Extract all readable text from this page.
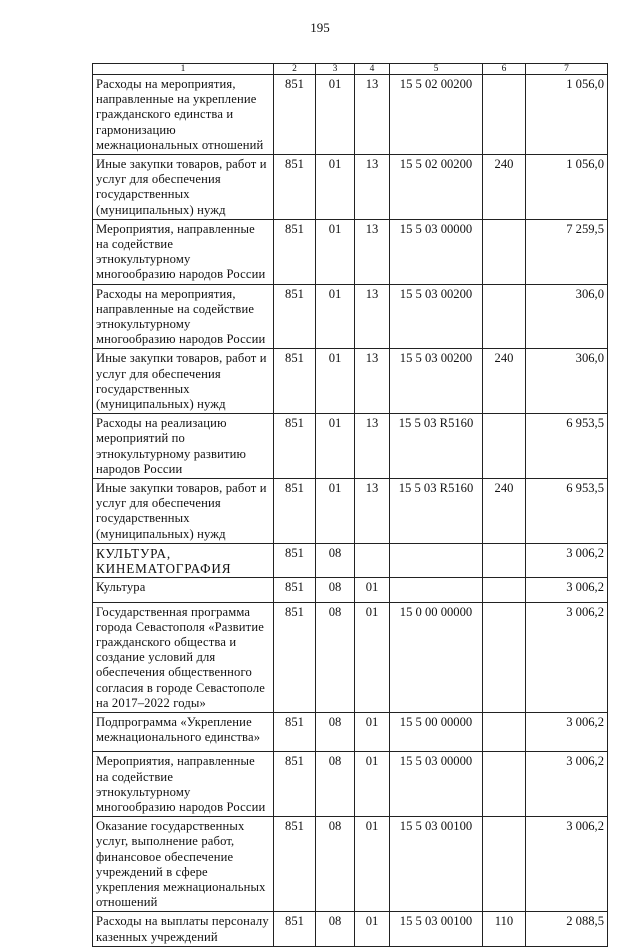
195
1	2	3	4	5	6	7
Расходы на мероприятия, направленные на укрепление гражданского единства и гармонизацию межнациональных отношений	851	01	13	15 5 02 00200		1 056,0
Иные закупки товаров, работ и услуг для обеспечения государственных (муниципальных) нужд	851	01	13	15 5 02 00200	240	1 056,0
Мероприятия, направленные на содействие этнокультурному многообразию народов России	851	01	13	15 5 03 00000		7 259,5
Расходы на мероприятия, направленные на содействие этнокультурному многообразию народов России	851	01	13	15 5 03 00200		306,0
Иные закупки товаров, работ и услуг для обеспечения государственных (муниципальных) нужд	851	01	13	15 5 03 00200	240	306,0
Расходы на реализацию мероприятий по этнокультурному развитию народов России	851	01	13	15 5 03 R5160		6 953,5
Иные закупки товаров, работ и услуг для обеспечения государственных (муниципальных) нужд	851	01	13	15 5 03 R5160	240	6 953,5
КУЛЬТУРА, КИНЕМАТОГРАФИЯ	851	08				3 006,2
Культура	851	08	01			3 006,2
Государственная программа города Севастополя «Развитие гражданского общества и создание условий для обеспечения общественного согласия в городе Севастополе на 2017–2022 годы»	851	08	01	15 0 00 00000		3 006,2
Подпрограмма «Укрепление межнационального единства»	851	08	01	15 5 00 00000		3 006,2
Мероприятия, направленные на содействие этнокультурному многообразию народов России	851	08	01	15 5 03 00000		3 006,2
Оказание государственных услуг, выполнение работ, финансовое обеспечение учреждений в сфере укрепления межнациональных отношений	851	08	01	15 5 03 00100		3 006,2
Расходы на выплаты персоналу казенных учреждений	851	08	01	15 5 03 00100	110	2 088,5
